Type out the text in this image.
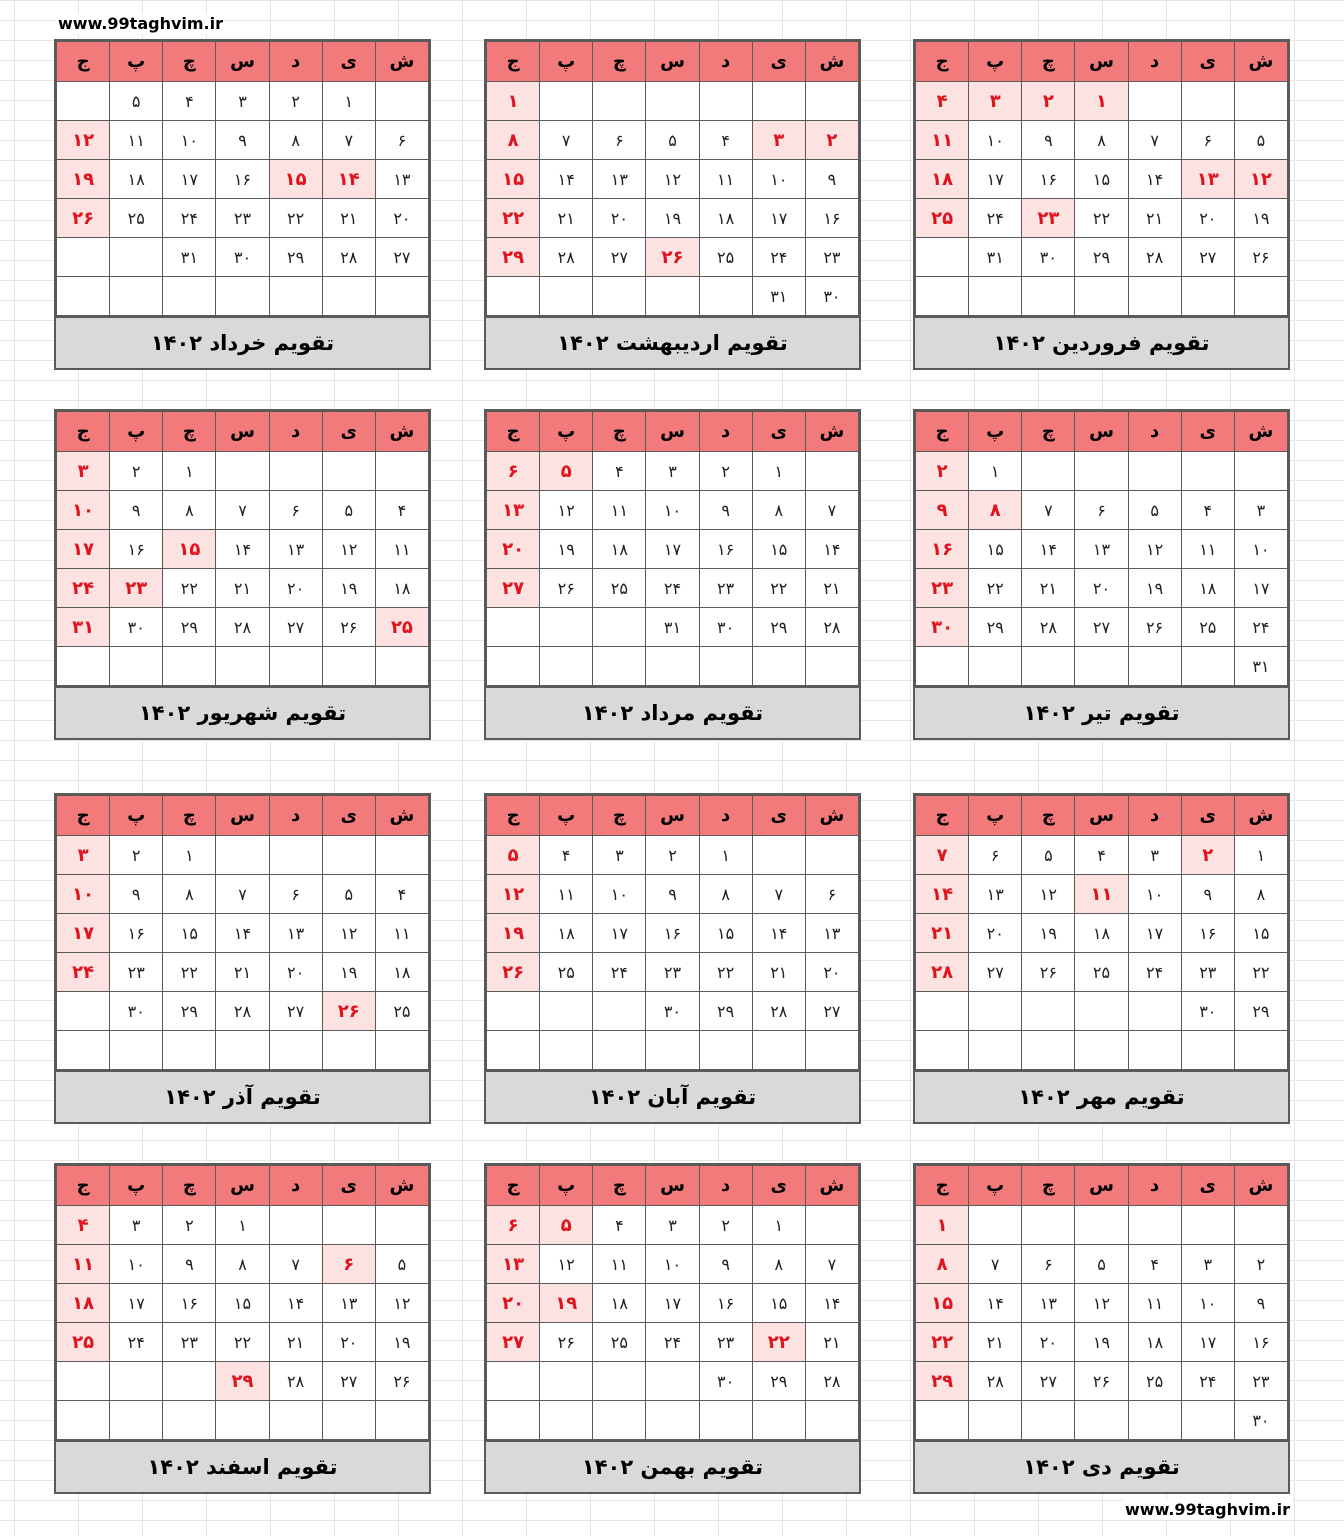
www.99taghvim.ir
ش	ی	د	س	چ	پ	ج
			۱	۲	۳	۴
۵	۶	۷	۸	۹	۱۰	۱۱
۱۲	۱۳	۱۴	۱۵	۱۶	۱۷	۱۸
۱۹	۲۰	۲۱	۲۲	۲۳	۲۴	۲۵
۲۶	۲۷	۲۸	۲۹	۳۰	۳۱	

تقویم فروردین ۱۴۰۲
ش	ی	د	س	چ	پ	ج
						۱
۲	۳	۴	۵	۶	۷	۸
۹	۱۰	۱۱	۱۲	۱۳	۱۴	۱۵
۱۶	۱۷	۱۸	۱۹	۲۰	۲۱	۲۲
۲۳	۲۴	۲۵	۲۶	۲۷	۲۸	۲۹
۳۰	۳۱					
تقویم اردیبهشت ۱۴۰۲
ش	ی	د	س	چ	پ	ج
	۱	۲	۳	۴	۵	
۶	۷	۸	۹	۱۰	۱۱	۱۲
۱۳	۱۴	۱۵	۱۶	۱۷	۱۸	۱۹
۲۰	۲۱	۲۲	۲۳	۲۴	۲۵	۲۶
۲۷	۲۸	۲۹	۳۰	۳۱		

تقویم خرداد ۱۴۰۲
ش	ی	د	س	چ	پ	ج
					۱	۲
۳	۴	۵	۶	۷	۸	۹
۱۰	۱۱	۱۲	۱۳	۱۴	۱۵	۱۶
۱۷	۱۸	۱۹	۲۰	۲۱	۲۲	۲۳
۲۴	۲۵	۲۶	۲۷	۲۸	۲۹	۳۰
۳۱						
تقویم تیر ۱۴۰۲
ش	ی	د	س	چ	پ	ج
	۱	۲	۳	۴	۵	۶
۷	۸	۹	۱۰	۱۱	۱۲	۱۳
۱۴	۱۵	۱۶	۱۷	۱۸	۱۹	۲۰
۲۱	۲۲	۲۳	۲۴	۲۵	۲۶	۲۷
۲۸	۲۹	۳۰	۳۱			

تقویم مرداد ۱۴۰۲
ش	ی	د	س	چ	پ	ج
				۱	۲	۳
۴	۵	۶	۷	۸	۹	۱۰
۱۱	۱۲	۱۳	۱۴	۱۵	۱۶	۱۷
۱۸	۱۹	۲۰	۲۱	۲۲	۲۳	۲۴
۲۵	۲۶	۲۷	۲۸	۲۹	۳۰	۳۱

تقویم شهریور ۱۴۰۲
ش	ی	د	س	چ	پ	ج
۱	۲	۳	۴	۵	۶	۷
۸	۹	۱۰	۱۱	۱۲	۱۳	۱۴
۱۵	۱۶	۱۷	۱۸	۱۹	۲۰	۲۱
۲۲	۲۳	۲۴	۲۵	۲۶	۲۷	۲۸
۲۹	۳۰					

تقویم مهر ۱۴۰۲
ش	ی	د	س	چ	پ	ج
		۱	۲	۳	۴	۵
۶	۷	۸	۹	۱۰	۱۱	۱۲
۱۳	۱۴	۱۵	۱۶	۱۷	۱۸	۱۹
۲۰	۲۱	۲۲	۲۳	۲۴	۲۵	۲۶
۲۷	۲۸	۲۹	۳۰			

تقویم آبان ۱۴۰۲
ش	ی	د	س	چ	پ	ج
				۱	۲	۳
۴	۵	۶	۷	۸	۹	۱۰
۱۱	۱۲	۱۳	۱۴	۱۵	۱۶	۱۷
۱۸	۱۹	۲۰	۲۱	۲۲	۲۳	۲۴
۲۵	۲۶	۲۷	۲۸	۲۹	۳۰	

تقویم آذر ۱۴۰۲
ش	ی	د	س	چ	پ	ج
						۱
۲	۳	۴	۵	۶	۷	۸
۹	۱۰	۱۱	۱۲	۱۳	۱۴	۱۵
۱۶	۱۷	۱۸	۱۹	۲۰	۲۱	۲۲
۲۳	۲۴	۲۵	۲۶	۲۷	۲۸	۲۹
۳۰						
تقویم دی ۱۴۰۲
ش	ی	د	س	چ	پ	ج
	۱	۲	۳	۴	۵	۶
۷	۸	۹	۱۰	۱۱	۱۲	۱۳
۱۴	۱۵	۱۶	۱۷	۱۸	۱۹	۲۰
۲۱	۲۲	۲۳	۲۴	۲۵	۲۶	۲۷
۲۸	۲۹	۳۰				

تقویم بهمن ۱۴۰۲
ش	ی	د	س	چ	پ	ج
			۱	۲	۳	۴
۵	۶	۷	۸	۹	۱۰	۱۱
۱۲	۱۳	۱۴	۱۵	۱۶	۱۷	۱۸
۱۹	۲۰	۲۱	۲۲	۲۳	۲۴	۲۵
۲۶	۲۷	۲۸	۲۹			

تقویم اسفند ۱۴۰۲
www.99taghvim.ir
